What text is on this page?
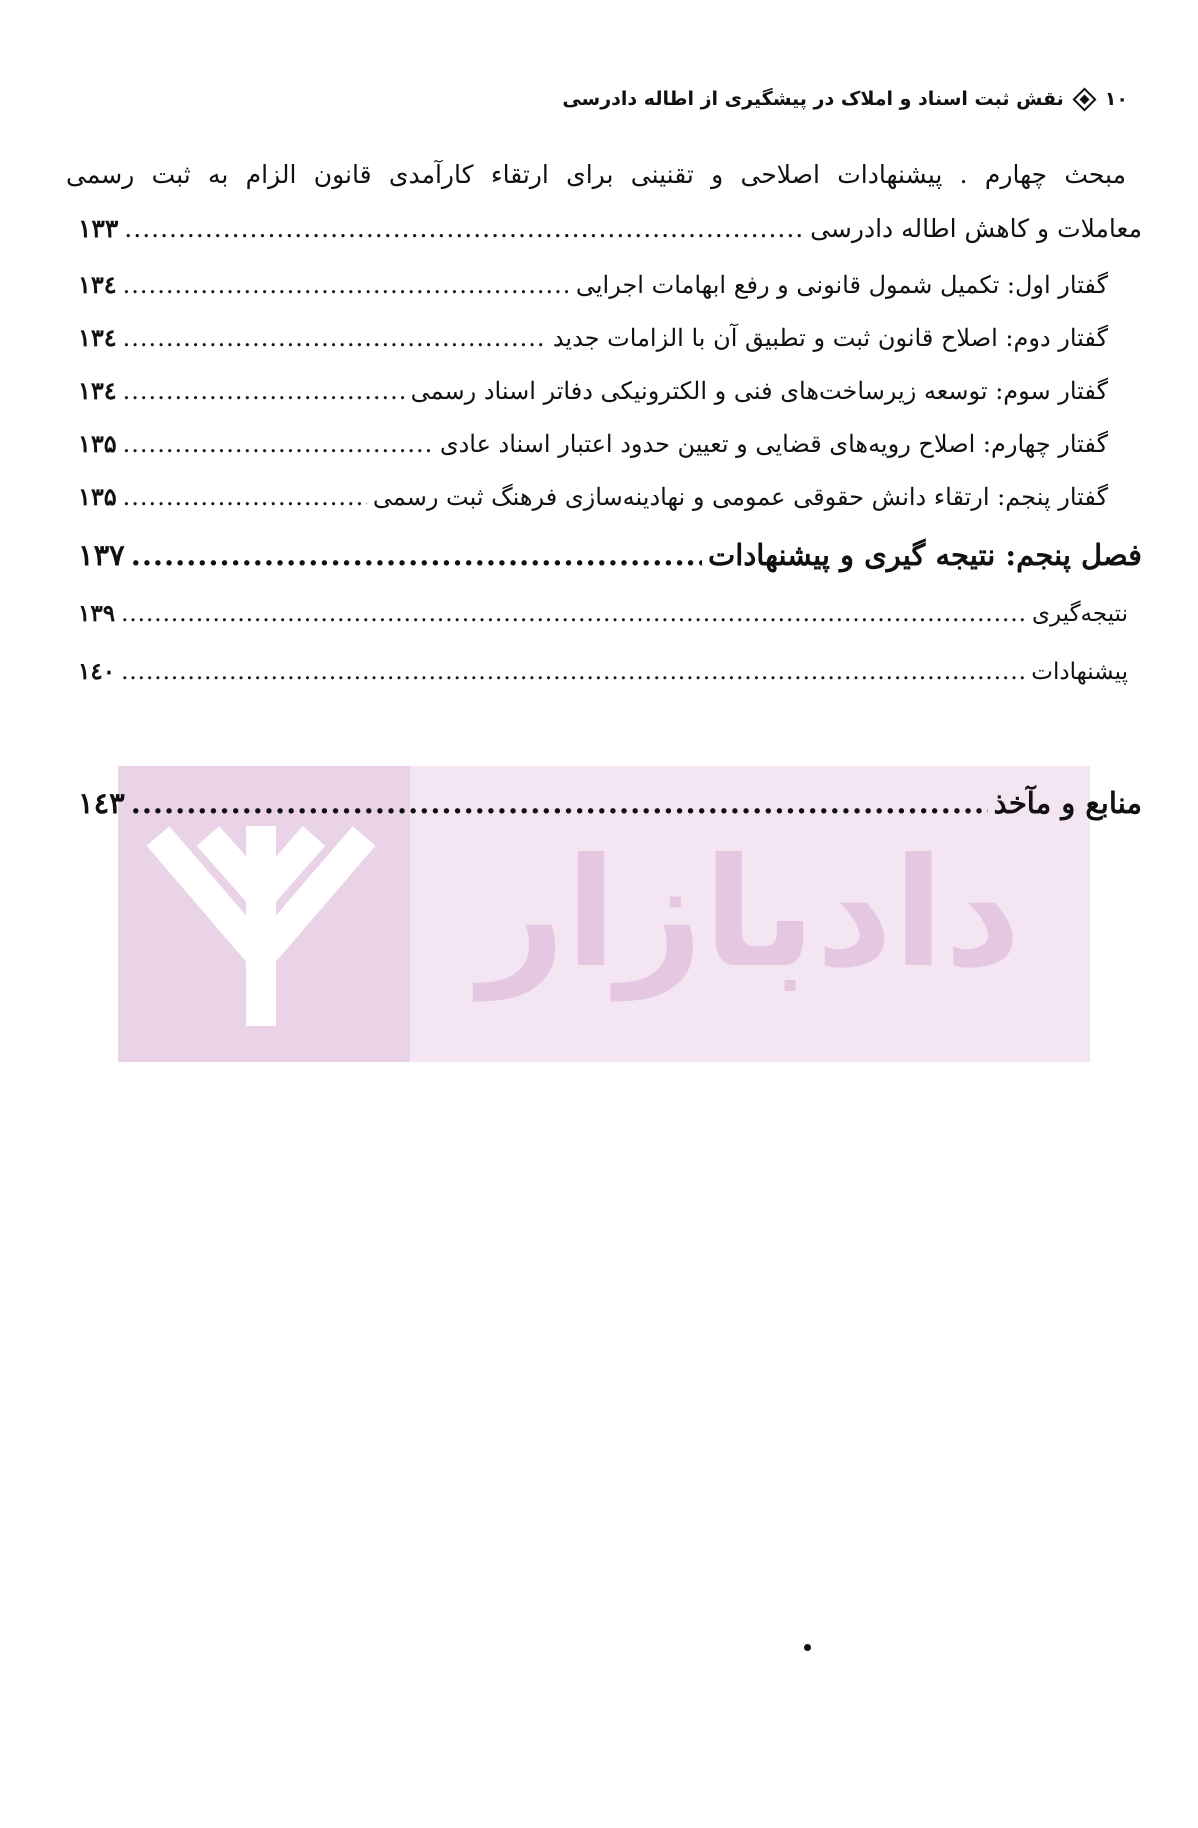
۱۰
نقش ثبت اسناد و املاک در پیشگیری از اطاله دادرسی
مبحث چهارم . پیشنهادات اصلاحی و تقنینی برای ارتقاء کارآمدی قانون الزام به ثبت رسمی
معاملات و کاهش اطاله دادرسی
.....
۱۳۳
گفتار اول: تکمیل شمول قانونی و رفع ابهامات اجرایی
.....
۱۳٤
گفتار دوم: اصلاح قانون ثبت و تطبیق آن با الزامات جدید
.....
۱۳٤
گفتار سوم: توسعه زیرساخت‌های فنی و الکترونیکی دفاتر اسناد رسمی
.....
۱۳٤
گفتار چهارم: اصلاح رویه‌های قضایی و تعیین حدود اعتبار اسناد عادی
.....
۱۳۵
گفتار پنجم: ارتقاء دانش حقوقی عمومی و نهادینه‌سازی فرهنگ ثبت رسمی
.....
۱۳۵
فصل پنجم: نتیجه گیری و پیشنهادات
.....
۱۳۷
نتیجه‌گیری
.....
۱۳۹
پیشنهادات
.....
۱٤۰
دادبازار
منابع و مآخذ
.....
۱٤۳
